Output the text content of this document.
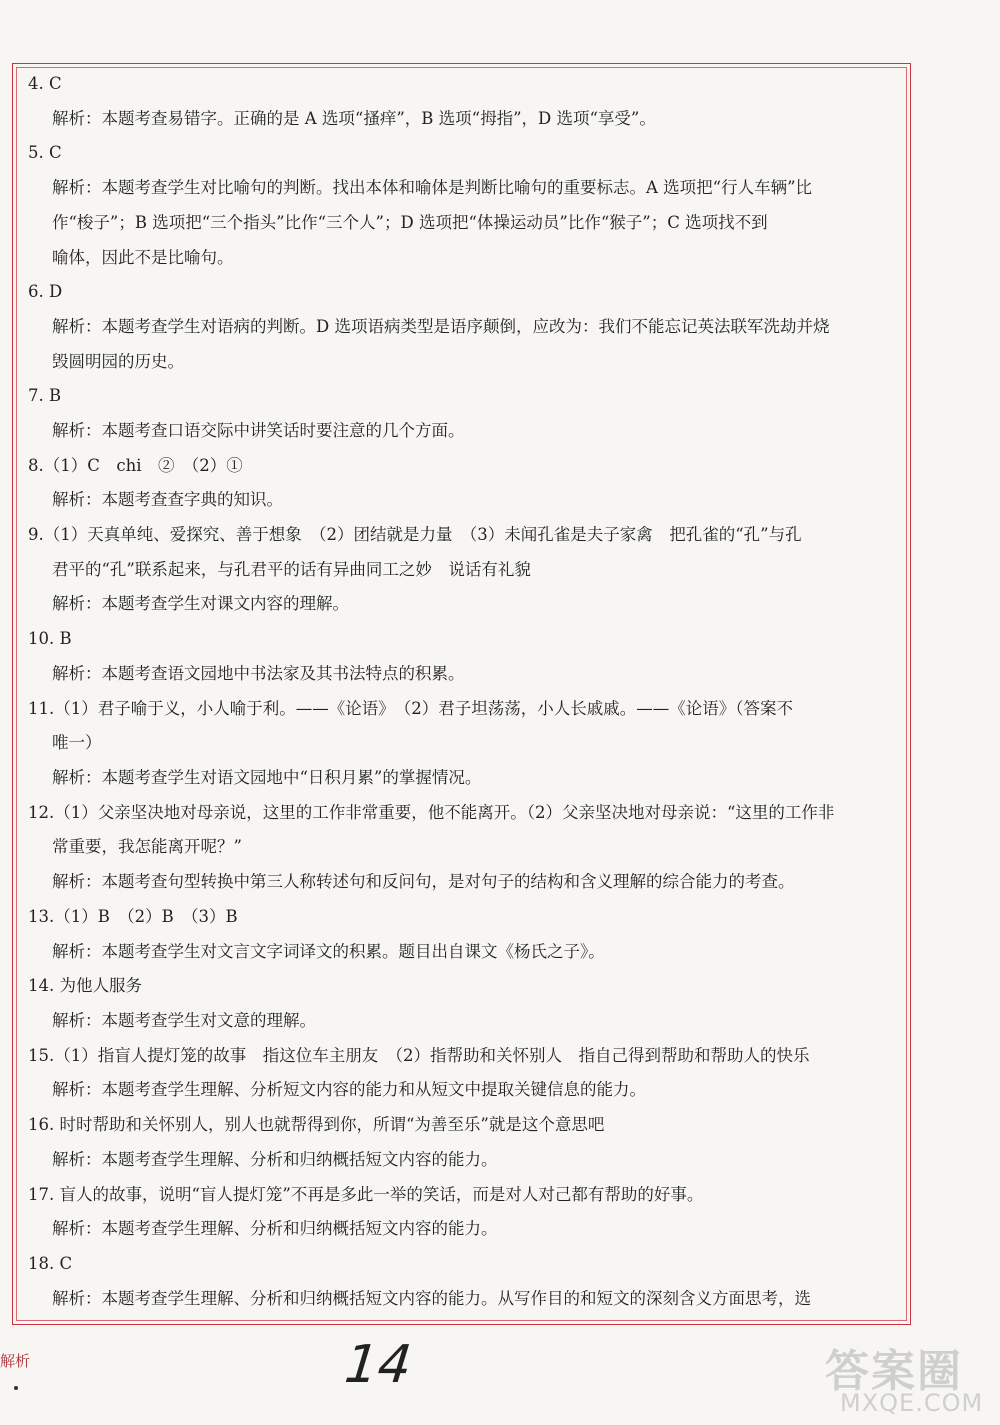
4. C
解析：本题考查易错字。正确的是 A 选项“搔痒”，B 选项“拇指”，D 选项“享受”。
5. C
解析：本题考查学生对比喻句的判断。找出本体和喻体是判断比喻句的重要标志。A 选项把“行人车辆”比
作“梭子”；B 选项把“三个指头”比作“三个人”；D 选项把“体操运动员”比作“猴子”；C 选项找不到
喻体，因此不是比喻句。
6. D
解析：本题考查学生对语病的判断。D 选项语病类型是语序颠倒，应改为：我们不能忘记英法联军洗劫并烧
毁圆明园的历史。
7. B
解析：本题考查口语交际中讲笑话时要注意的几个方面。
8.（1）C　chi　②　（2）①
解析：本题考查查字典的知识。
9.（1）天真单纯、爱探究、善于想象　（2）团结就是力量　（3）未闻孔雀是夫子家禽　把孔雀的“孔”与孔
君平的“孔”联系起来，与孔君平的话有异曲同工之妙　说话有礼貌
解析：本题考查学生对课文内容的理解。
10. B
解析：本题考查语文园地中书法家及其书法特点的积累。
11.（1）君子喻于义，小人喻于利。——《论语》　（2）君子坦荡荡，小人长戚戚。——《论语》（答案不
唯一）
解析：本题考查学生对语文园地中“日积月累”的掌握情况。
12.（1）父亲坚决地对母亲说，这里的工作非常重要，他不能离开。（2）父亲坚决地对母亲说：“这里的工作非
常重要，我怎能离开呢？”
解析：本题考查句型转换中第三人称转述句和反问句，是对句子的结构和含义理解的综合能力的考查。
13.（1）B　（2）B　（3）B
解析：本题考查学生对文言文字词译文的积累。题目出自课文《杨氏之子》。
14. 为他人服务
解析：本题考查学生对文意的理解。
15.（1）指盲人提灯笼的故事　指这位车主朋友　（2）指帮助和关怀别人　指自己得到帮助和帮助人的快乐
解析：本题考查学生理解、分析短文内容的能力和从短文中提取关键信息的能力。
16. 时时帮助和关怀别人，别人也就帮得到你，所谓“为善至乐”就是这个意思吧
解析：本题考查学生理解、分析和归纳概括短文内容的能力。
17. 盲人的故事，说明“盲人提灯笼”不再是多此一举的笑话，而是对人对己都有帮助的好事。
解析：本题考查学生理解、分析和归纳概括短文内容的能力。
18. C
解析：本题考查学生理解、分析和归纳概括短文内容的能力。从写作目的和短文的深刻含义方面思考，选
解析	14	答案圈
MXQE.COM
